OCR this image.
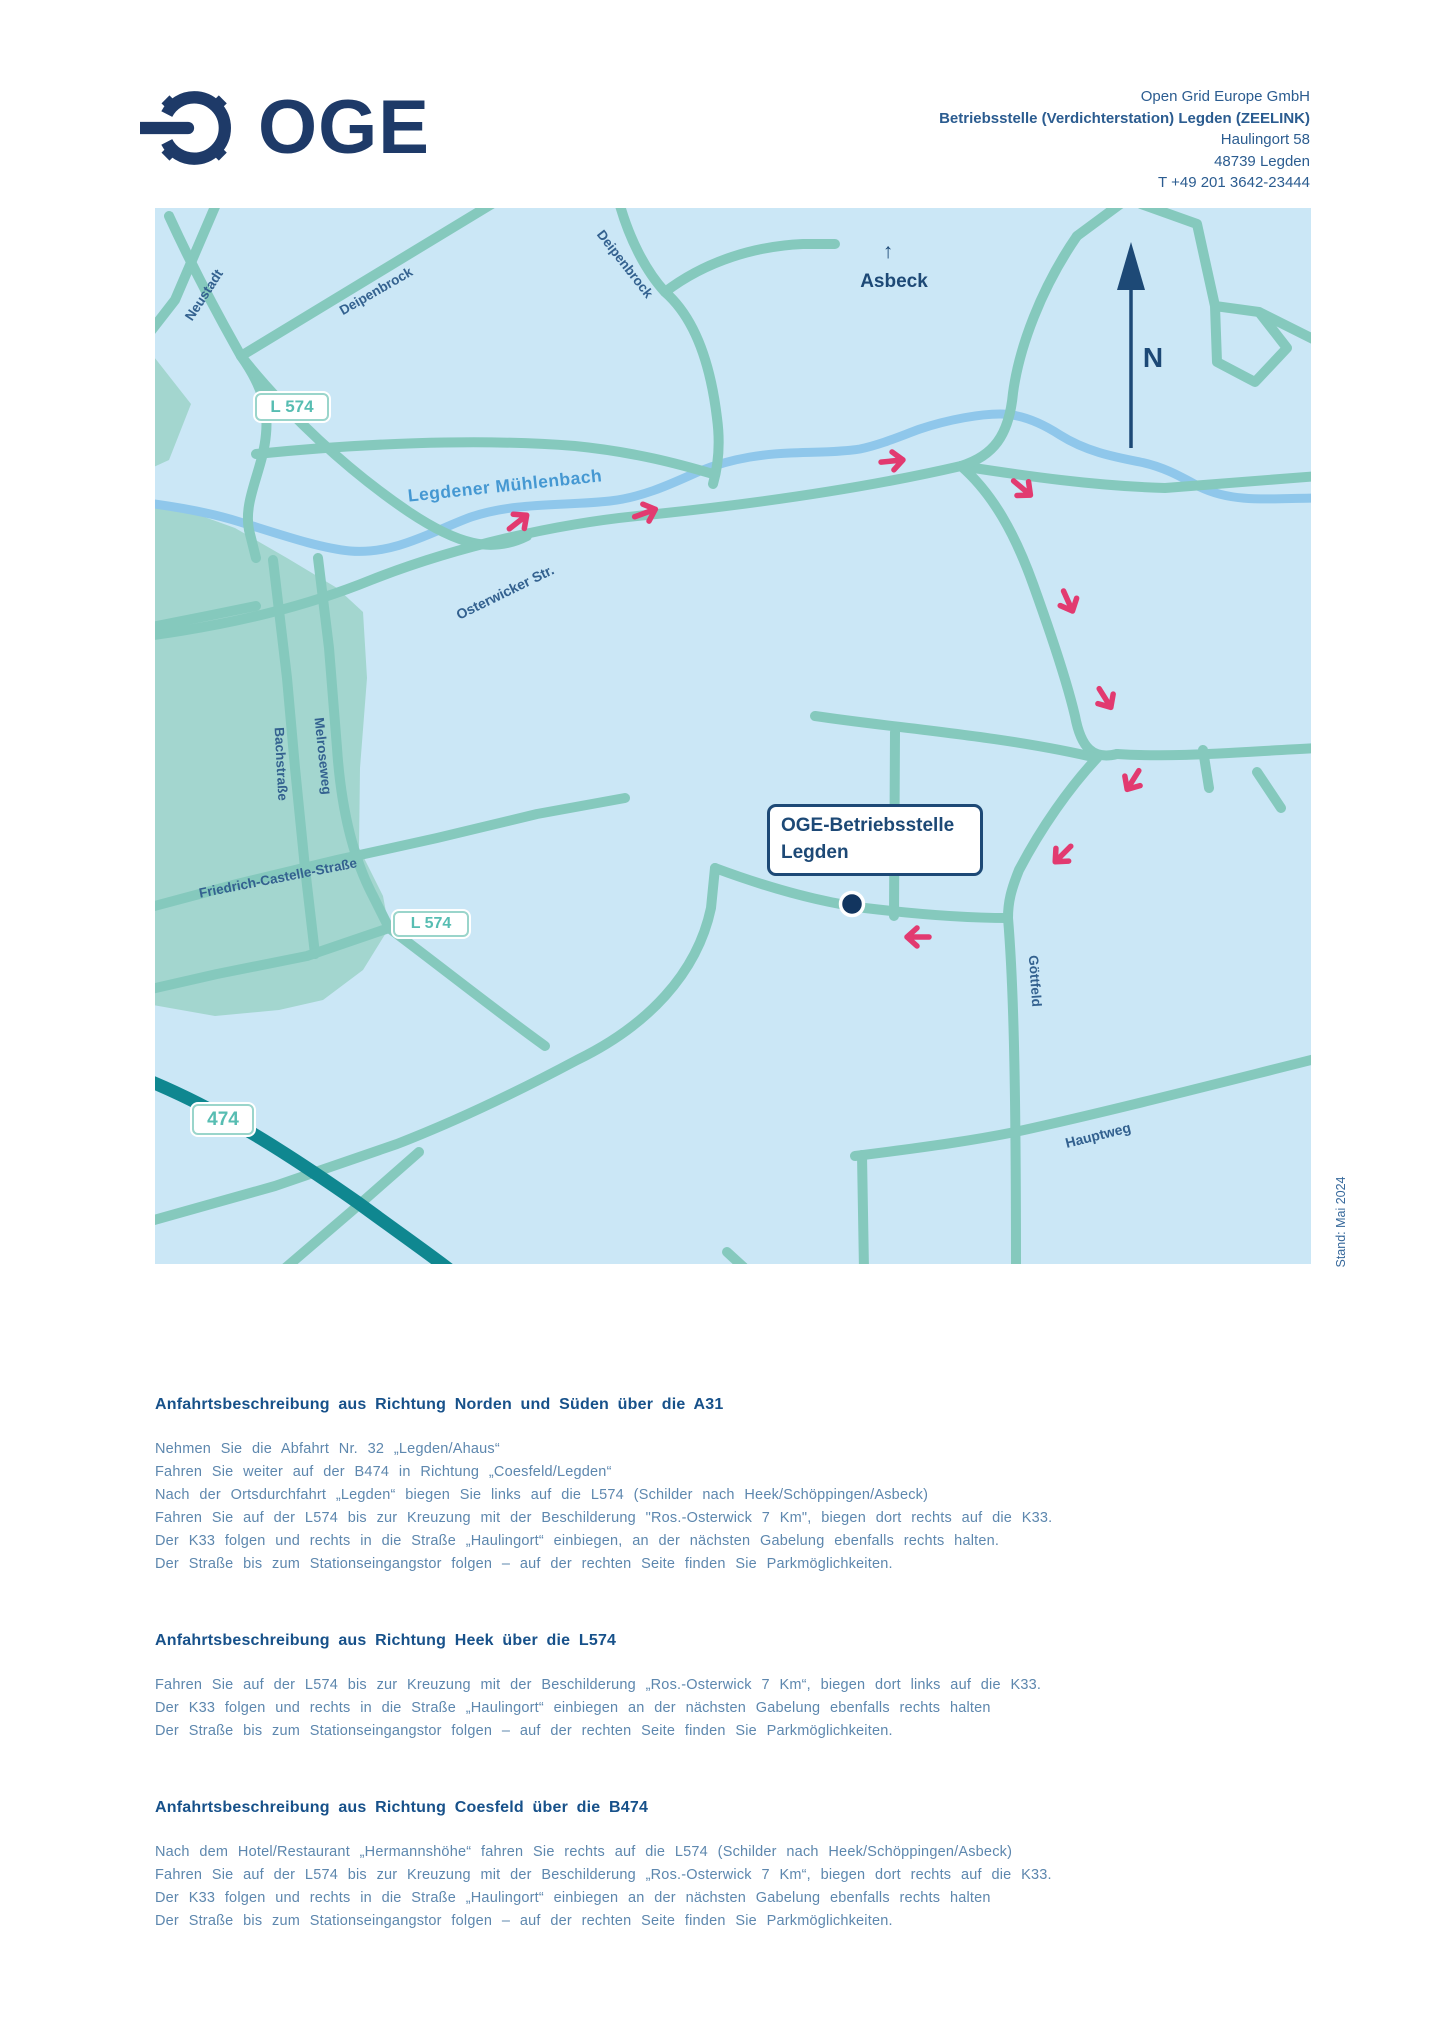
OGE	Open Grid Europe GmbH
Betriebsstelle (Verdichterstation) Legden (ZEELINK)
Haulingort 58
48739 Legden
T +49 201 3642-23444
Neustadt	Deipenbrock	Deipenbrock
Legdener Mühlenbach
Osterwicker Str.
Bachstraße Melroseweg
Friedrich-Castelle-Straße
Göttfeld
Hauptweg
↑
Asbeck
N
L 574
L 574
474
OGE-Betriebsstelle
Legden
Stand: Mai 2024
Anfahrtsbeschreibung aus Richtung Norden und Süden über die A31
Nehmen Sie die Abfahrt Nr. 32 „Legden/Ahaus“
Fahren Sie weiter auf der B474 in Richtung „Coesfeld/Legden“
Nach der Ortsdurchfahrt „Legden“ biegen Sie links auf die L574 (Schilder nach Heek/Schöppingen/Asbeck)
Fahren Sie auf der L574 bis zur Kreuzung mit der Beschilderung "Ros.-Osterwick 7 Km", biegen dort rechts auf die K33.
Der K33 folgen und rechts in die Straße „Haulingort“ einbiegen, an der nächsten Gabelung ebenfalls rechts halten.
Der Straße bis zum Stationseingangstor folgen – auf der rechten Seite finden Sie Parkmöglichkeiten.
Anfahrtsbeschreibung aus Richtung Heek über die L574
Fahren Sie auf der L574 bis zur Kreuzung mit der Beschilderung „Ros.-Osterwick 7 Km“, biegen dort links auf die K33.
Der K33 folgen und rechts in die Straße „Haulingort“ einbiegen an der nächsten Gabelung ebenfalls rechts halten
Der Straße bis zum Stationseingangstor folgen – auf der rechten Seite finden Sie Parkmöglichkeiten.
Anfahrtsbeschreibung aus Richtung Coesfeld über die B474
Nach dem Hotel/Restaurant „Hermannshöhe“ fahren Sie rechts auf die L574 (Schilder nach Heek/Schöppingen/Asbeck)
Fahren Sie auf der L574 bis zur Kreuzung mit der Beschilderung „Ros.-Osterwick 7 Km“, biegen dort rechts auf die K33.
Der K33 folgen und rechts in die Straße „Haulingort“ einbiegen an der nächsten Gabelung ebenfalls rechts halten
Der Straße bis zum Stationseingangstor folgen – auf der rechten Seite finden Sie Parkmöglichkeiten.
